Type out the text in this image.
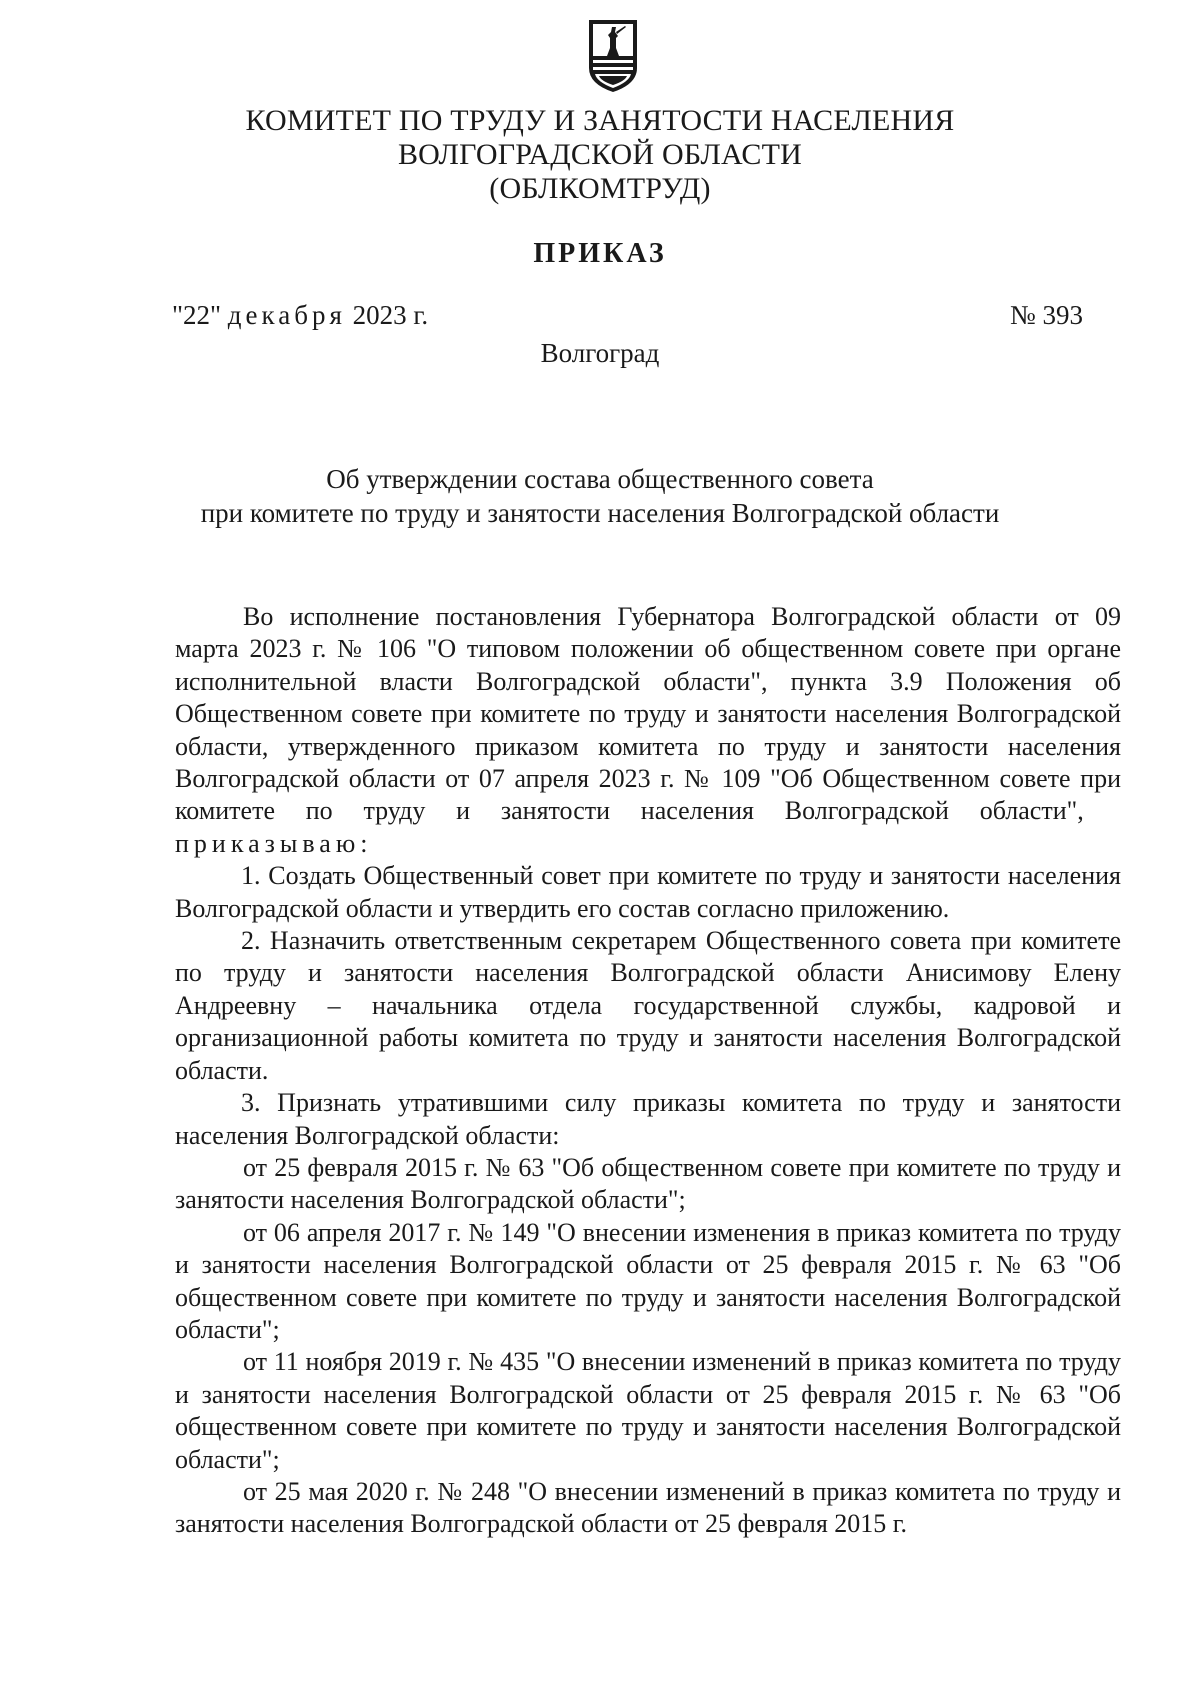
КОМИТЕТ ПО ТРУДУ И ЗАНЯТОСТИ НАСЕЛЕНИЯ
ВОЛГОГРАДСКОЙ ОБЛАСТИ
(ОБЛКОМТРУД)
ПРИКАЗ
"22" декабря 2023 г.	№ 393
Волгоград
Об утверждении состава общественного совета
при комитете по труду и занятости населения Волгоградской области

Во исполнение постановления Губернатора Волгоградской области от 09 марта 2023 г. № 106 "О типовом положении об общественном совете при органе исполнительной власти Волгоградской области", пункта 3.9 Положения об Общественном совете при комитете по труду и занятости населения Волгоградской области, утвержденного приказом комитета по труду и занятости населения Волгоградской области от 07 апреля 2023 г. № 109 "Об Общественном совете при комитете по труду и занятости населения Волгоградской области",   приказываю:

1. Создать Общественный совет при комитете по труду и занятости населения Волгоградской области и утвердить его состав согласно приложению.

2. Назначить ответственным секретарем Общественного совета при комитете по труду и занятости населения Волгоградской области Анисимову Елену Андреевну – начальника отдела государственной службы, кадровой и организационной работы комитета по труду и занятости населения Волгоградской области.

3. Признать утратившими силу приказы комитета по труду и занятости населения Волгоградской области:

от 25 февраля 2015 г. № 63 "Об общественном совете при комитете по труду и занятости населения Волгоградской области";

от 06 апреля 2017 г. № 149 "О внесении изменения в приказ комитета по труду и занятости населения Волгоградской области от 25 февраля 2015 г. № 63 "Об общественном совете при комитете по труду и занятости населения Волгоградской области";

от 11 ноября 2019 г. № 435 "О внесении изменений в приказ комитета по труду и занятости населения Волгоградской области от 25 февраля 2015 г. № 63 "Об общественном совете при комитете по труду и занятости населения Волгоградской области";

от 25 мая 2020 г. № 248 "О внесении изменений в приказ комитета по труду и занятости населения Волгоградской области от 25 февраля 2015 г.
